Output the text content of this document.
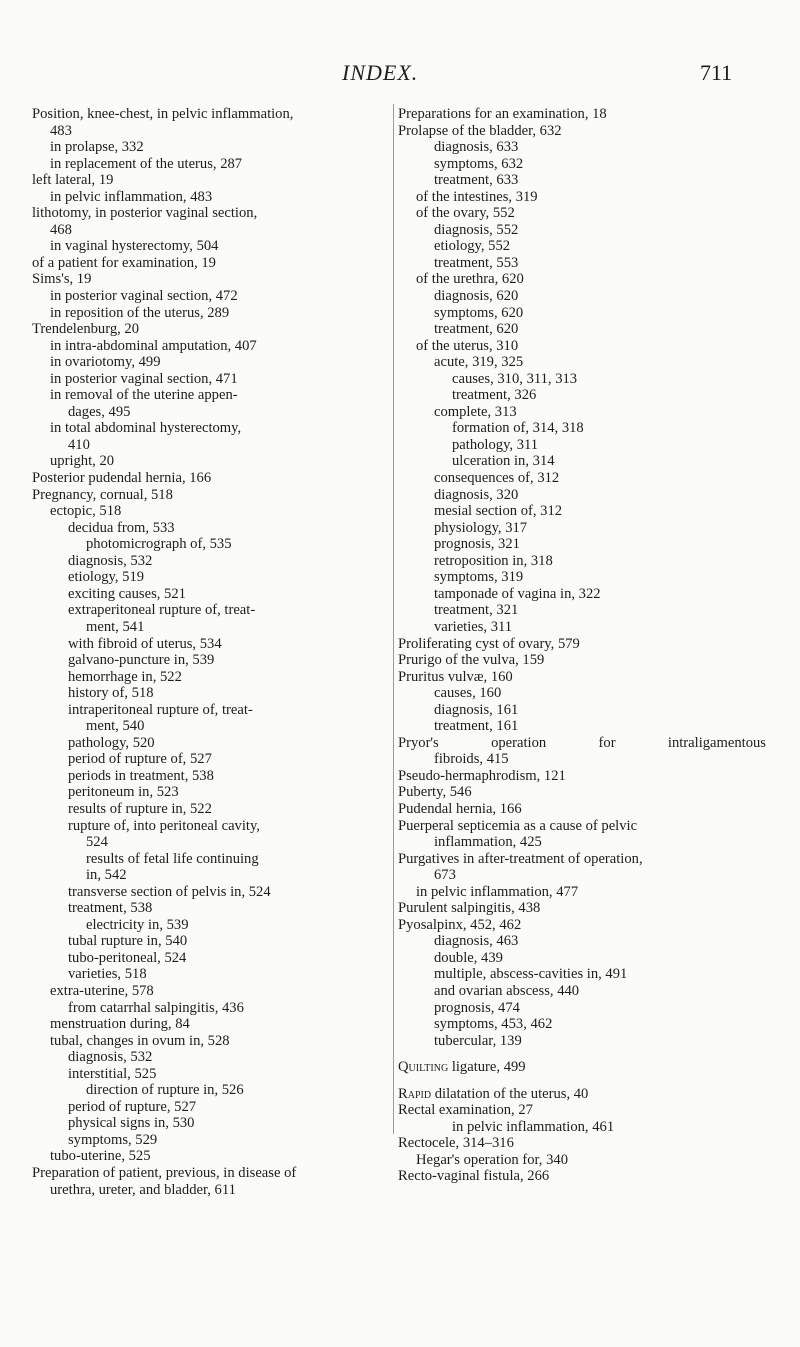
INDEX.	711
Position, knee-chest, in pelvic inflammation,
483
in prolapse, 332
in replacement of the uterus, 287
left lateral, 19
in pelvic inflammation, 483
lithotomy, in posterior vaginal section,
468
in vaginal hysterectomy, 504
of a patient for examination, 19
Sims's, 19
in posterior vaginal section, 472
in reposition of the uterus, 289
Trendelenburg, 20
in intra-abdominal amputation, 407
in ovariotomy, 499
in posterior vaginal section, 471
in removal of the uterine appen-
dages, 495
in total abdominal hysterectomy,
410
upright, 20
Posterior pudendal hernia, 166
Pregnancy, cornual, 518
ectopic, 518
decidua from, 533
photomicrograph of, 535
diagnosis, 532
etiology, 519
exciting causes, 521
extraperitoneal rupture of, treat-
ment, 541
with fibroid of uterus, 534
galvano-puncture in, 539
hemorrhage in, 522
history of, 518
intraperitoneal rupture of, treat-
ment, 540
pathology, 520
period of rupture of, 527
periods in treatment, 538
peritoneum in, 523
results of rupture in, 522
rupture of, into peritoneal cavity,
524
results of fetal life continuing
in, 542
transverse section of pelvis in, 524
treatment, 538
electricity in, 539
tubal rupture in, 540
tubo-peritoneal, 524
varieties, 518
extra-uterine, 578
from catarrhal salpingitis, 436
menstruation during, 84
tubal, changes in ovum in, 528
diagnosis, 532
interstitial, 525
direction of rupture in, 526
period of rupture, 527
physical signs in, 530
symptoms, 529
tubo-uterine, 525
Preparation of patient, previous, in disease of
urethra, ureter, and bladder, 611
Preparations for an examination, 18
Prolapse of the bladder, 632
diagnosis, 633
symptoms, 632
treatment, 633
of the intestines, 319
of the ovary, 552
diagnosis, 552
etiology, 552
treatment, 553
of the urethra, 620
diagnosis, 620
symptoms, 620
treatment, 620
of the uterus, 310
acute, 319, 325
causes, 310, 311, 313
treatment, 326
complete, 313
formation of, 314, 318
pathology, 311
ulceration in, 314
consequences of, 312
diagnosis, 320
mesial section of, 312
physiology, 317
prognosis, 321
retroposition in, 318
symptoms, 319
tamponade of vagina in, 322
treatment, 321
varieties, 311
Proliferating cyst of ovary, 579
Prurigo of the vulva, 159
Pruritus vulvæ, 160
causes, 160
diagnosis, 161
treatment, 161
Pryor's	operation	for	intraligamentous
fibroids, 415
Pseudo-hermaphrodism, 121
Puberty, 546
Pudendal hernia, 166
Puerperal septicemia as a cause of pelvic
inflammation, 425
Purgatives in after-treatment of operation,
673
in pelvic inflammation, 477
Purulent salpingitis, 438
Pyosalpinx, 452, 462
diagnosis, 463
double, 439
multiple, abscess-cavities in, 491
and ovarian abscess, 440
prognosis, 474
symptoms, 453, 462
tubercular, 139
Quilting ligature, 499
Rapid dilatation of the uterus, 40
Rectal examination, 27
in pelvic inflammation, 461
Rectocele, 314–316
Hegar's operation for, 340
Recto-vaginal fistula, 266
